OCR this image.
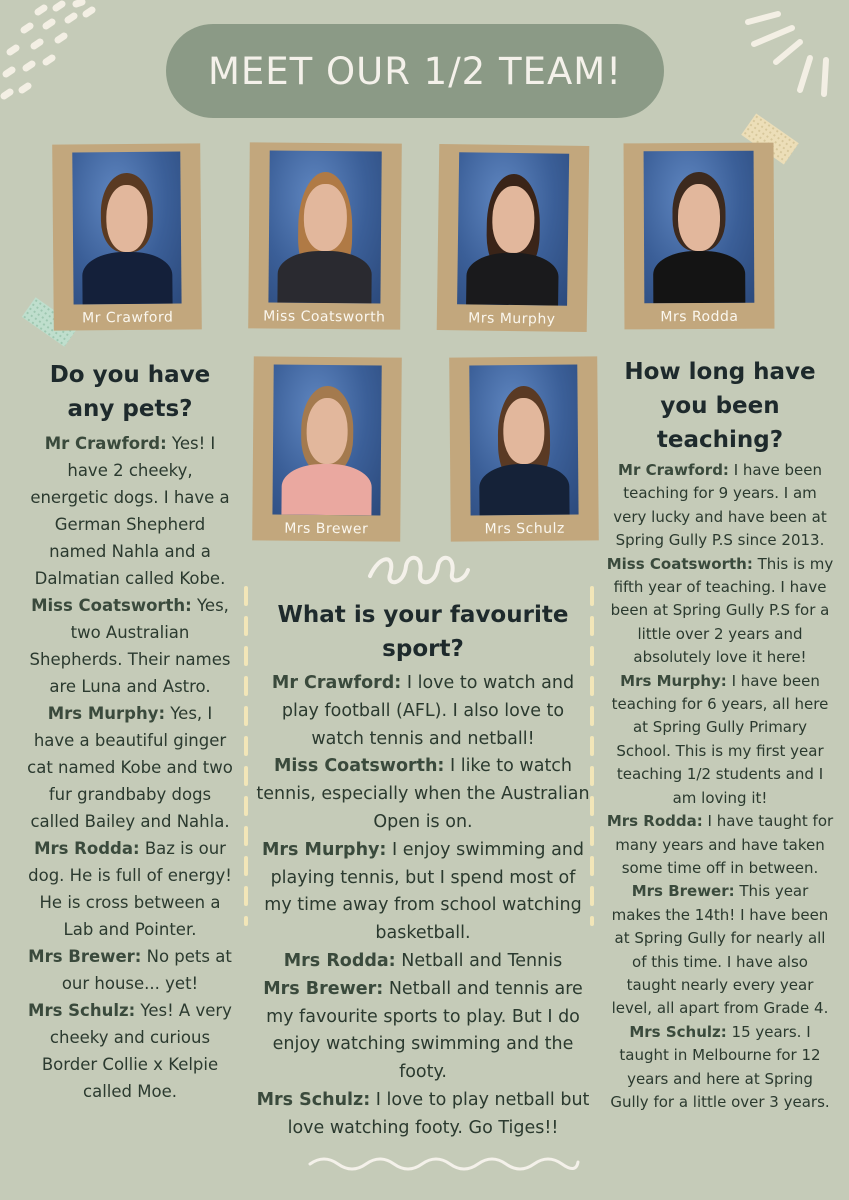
MEET OUR 1/2 TEAM!
Mr Crawford	Miss Coatsworth	Mrs Murphy	Mrs Rodda
Mrs Brewer	Mrs Schulz
Do you have any pets?

Mr Crawford: Yes! I have 2 cheeky, energetic dogs. I have a German Shepherd named Nahla and a Dalmatian called Kobe.

Miss Coatsworth: Yes, two Australian Shepherds. Their names are Luna and Astro.

Mrs Murphy: Yes, I have a beautiful ginger cat named Kobe and two fur grandbaby dogs called Bailey and Nahla.

Mrs Rodda: Baz is our dog. He is full of energy! He is cross between a Lab and Pointer.

Mrs Brewer: No pets at our house... yet!

Mrs Schulz: Yes! A very cheeky and curious Border Collie x Kelpie called Moe.

What is your favourite sport?

Mr Crawford: I love to watch and play football (AFL). I also love to watch tennis and netball!

Miss Coatsworth: I like to watch tennis, especially when the Australian Open is on.

Mrs Murphy: I enjoy swimming and playing tennis, but I spend most of my time away from school watching basketball.

Mrs Rodda: Netball and Tennis

Mrs Brewer: Netball and tennis are my favourite sports to play. But I do enjoy watching swimming and the footy.

Mrs Schulz: I love to play netball but love watching footy. Go Tiges!!

How long have you been teaching?

Mr Crawford: I have been teaching for 9 years. I am very lucky and have been at Spring Gully P.S since 2013.

Miss Coatsworth: This is my fifth year of teaching. I have been at Spring Gully P.S for a little over 2 years and absolutely love it here!

Mrs Murphy: I have been teaching for 6 years, all here at Spring Gully Primary School. This is my first year teaching 1/2 students and I am loving it!

Mrs Rodda: I have taught for many years and have taken some time off in between.

Mrs Brewer: This year makes the 14th! I have been at Spring Gully for nearly all of this time. I have also taught nearly every year level, all apart from Grade 4.

Mrs Schulz: 15 years. I taught in Melbourne for 12 years and here at Spring Gully for a little over 3 years.
